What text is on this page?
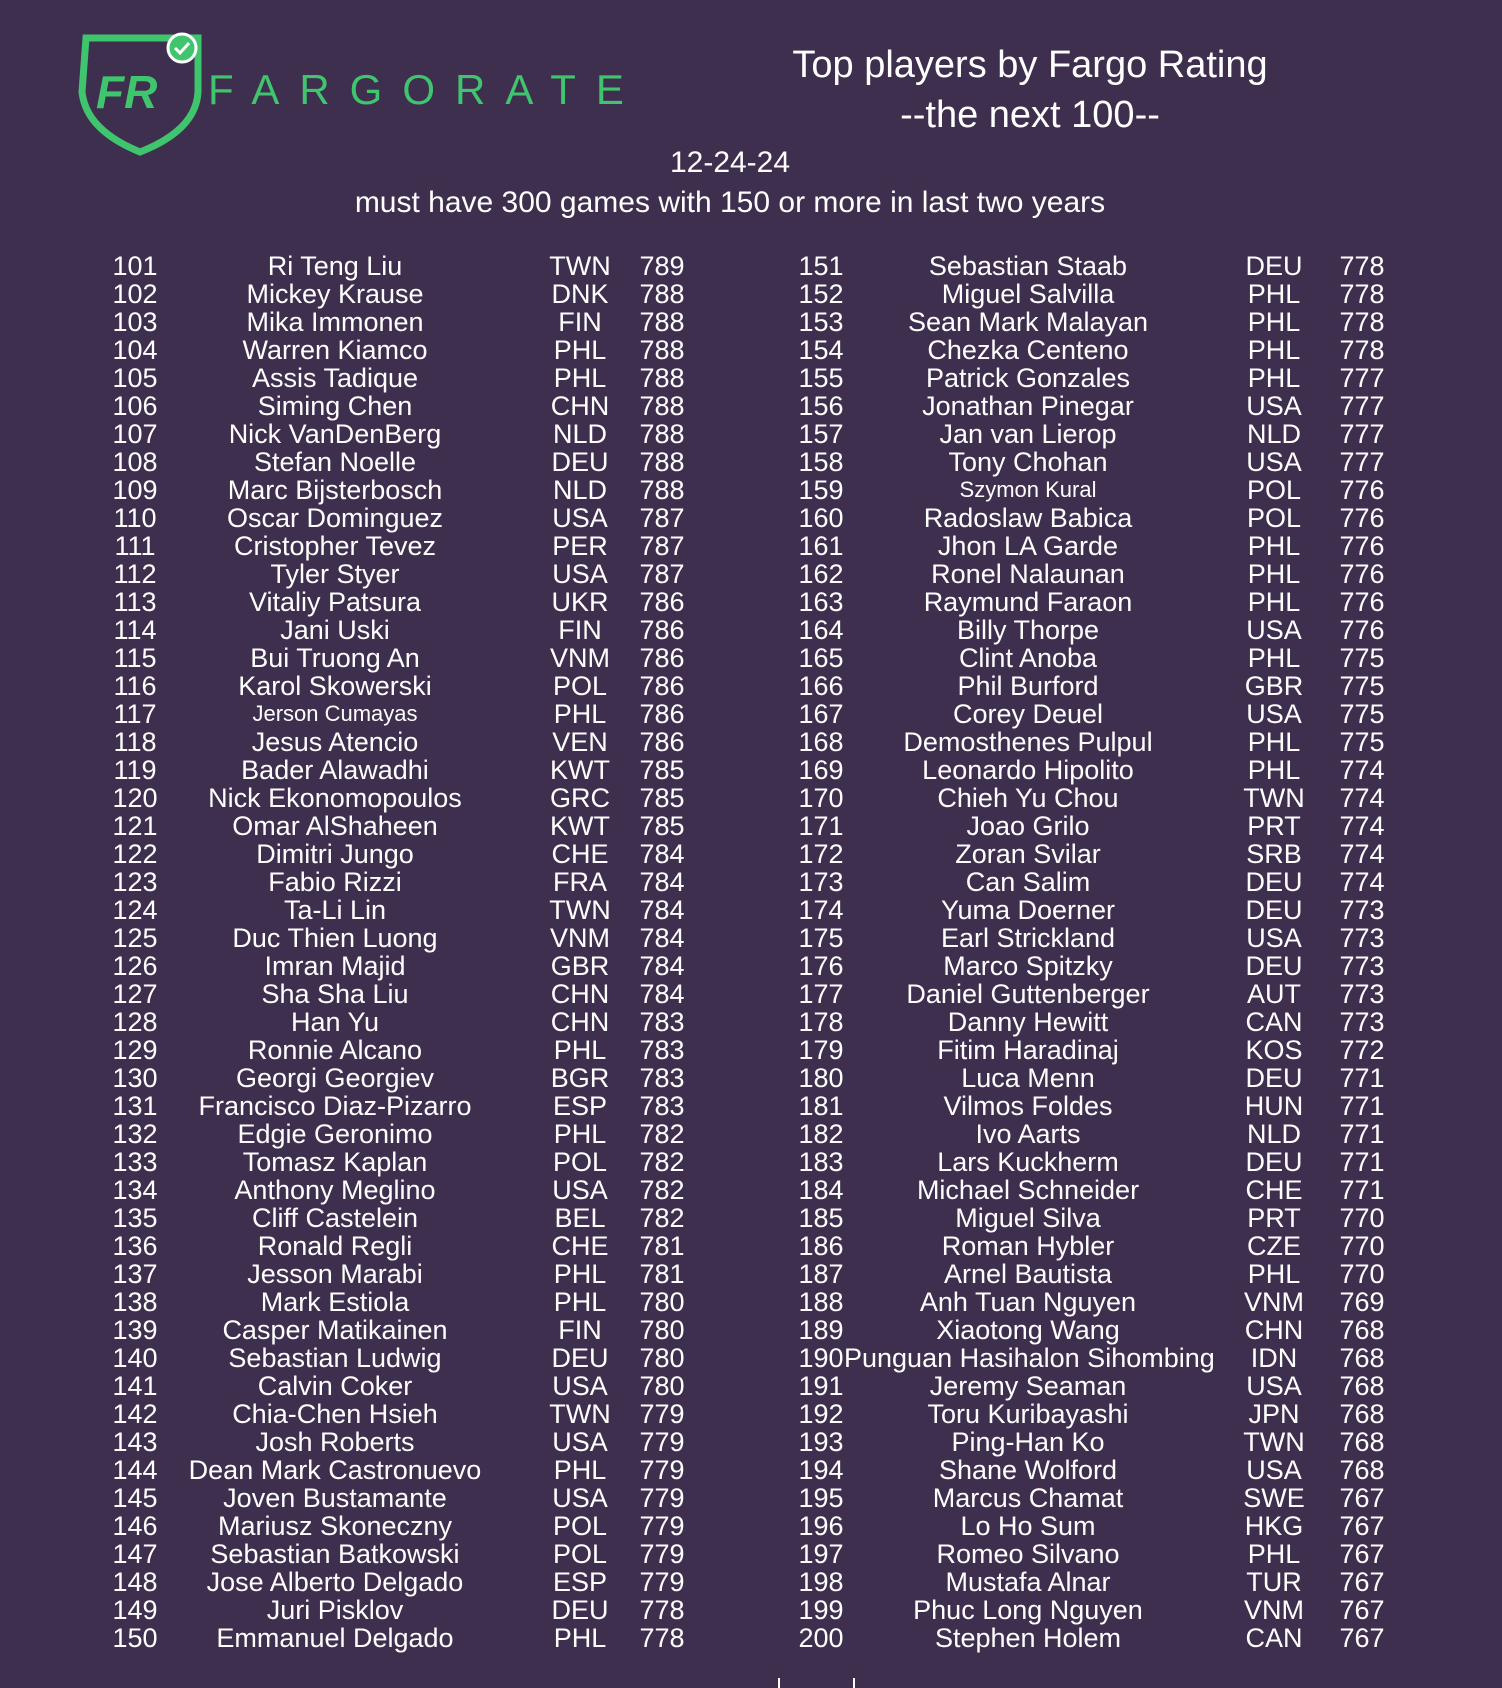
FR FARGORATE
Top players by Fargo Rating
--the next 100--
12-24-24
must have 300 games with 150 or more in last two years
101	Ri Teng Liu	TWN	789
102	Mickey Krause	DNK	788
103	Mika Immonen	FIN	788
104	Warren Kiamco	PHL	788
105	Assis Tadique	PHL	788
106	Siming Chen	CHN	788
107	Nick VanDenBerg	NLD	788
108	Stefan Noelle	DEU	788
109	Marc Bijsterbosch	NLD	788
110	Oscar Dominguez	USA	787
111	Cristopher Tevez	PER	787
112	Tyler Styer	USA	787
113	Vitaliy Patsura	UKR	786
114	Jani Uski	FIN	786
115	Bui Truong An	VNM	786
116	Karol Skowerski	POL	786
117	Jerson Cumayas	PHL	786
118	Jesus Atencio	VEN	786
119	Bader Alawadhi	KWT	785
120	Nick Ekonomopoulos	GRC	785
121	Omar AlShaheen	KWT	785
122	Dimitri Jungo	CHE	784
123	Fabio Rizzi	FRA	784
124	Ta-Li Lin	TWN	784
125	Duc Thien Luong	VNM	784
126	Imran Majid	GBR	784
127	Sha Sha Liu	CHN	784
128	Han Yu	CHN	783
129	Ronnie Alcano	PHL	783
130	Georgi Georgiev	BGR	783
131	Francisco Diaz-Pizarro	ESP	783
132	Edgie Geronimo	PHL	782
133	Tomasz Kaplan	POL	782
134	Anthony Meglino	USA	782
135	Cliff Castelein	BEL	782
136	Ronald Regli	CHE	781
137	Jesson Marabi	PHL	781
138	Mark Estiola	PHL	780
139	Casper Matikainen	FIN	780
140	Sebastian Ludwig	DEU	780
141	Calvin Coker	USA	780
142	Chia-Chen Hsieh	TWN	779
143	Josh Roberts	USA	779
144	Dean Mark Castronuevo	PHL	779
145	Joven Bustamante	USA	779
146	Mariusz Skoneczny	POL	779
147	Sebastian Batkowski	POL	779
148	Jose Alberto Delgado	ESP	779
149	Juri Pisklov	DEU	778
150	Emmanuel Delgado	PHL	778
151	Sebastian Staab	DEU	778
152	Miguel Salvilla	PHL	778
153	Sean Mark Malayan	PHL	778
154	Chezka Centeno	PHL	778
155	Patrick Gonzales	PHL	777
156	Jonathan Pinegar	USA	777
157	Jan van Lierop	NLD	777
158	Tony Chohan	USA	777
159	Szymon Kural	POL	776
160	Radoslaw Babica	POL	776
161	Jhon LA Garde	PHL	776
162	Ronel Nalaunan	PHL	776
163	Raymund Faraon	PHL	776
164	Billy Thorpe	USA	776
165	Clint Anoba	PHL	775
166	Phil Burford	GBR	775
167	Corey Deuel	USA	775
168	Demosthenes Pulpul	PHL	775
169	Leonardo Hipolito	PHL	774
170	Chieh Yu Chou	TWN	774
171	Joao Grilo	PRT	774
172	Zoran Svilar	SRB	774
173	Can Salim	DEU	774
174	Yuma Doerner	DEU	773
175	Earl Strickland	USA	773
176	Marco Spitzky	DEU	773
177	Daniel Guttenberger	AUT	773
178	Danny Hewitt	CAN	773
179	Fitim Haradinaj	KOS	772
180	Luca Menn	DEU	771
181	Vilmos Foldes	HUN	771
182	Ivo Aarts	NLD	771
183	Lars Kuckherm	DEU	771
184	Michael Schneider	CHE	771
185	Miguel Silva	PRT	770
186	Roman Hybler	CZE	770
187	Arnel Bautista	PHL	770
188	Anh Tuan Nguyen	VNM	769
189	Xiaotong Wang	CHN	768
190 Punguan Hasihalon Sihombing	IDN	768
191	Jeremy Seaman	USA	768
192	Toru Kuribayashi	JPN	768
193	Ping-Han Ko	TWN	768
194	Shane Wolford	USA	768
195	Marcus Chamat	SWE	767
196	Lo Ho Sum	HKG	767
197	Romeo Silvano	PHL	767
198	Mustafa Alnar	TUR	767
199	Phuc Long Nguyen	VNM	767
200	Stephen Holem	CAN	767
